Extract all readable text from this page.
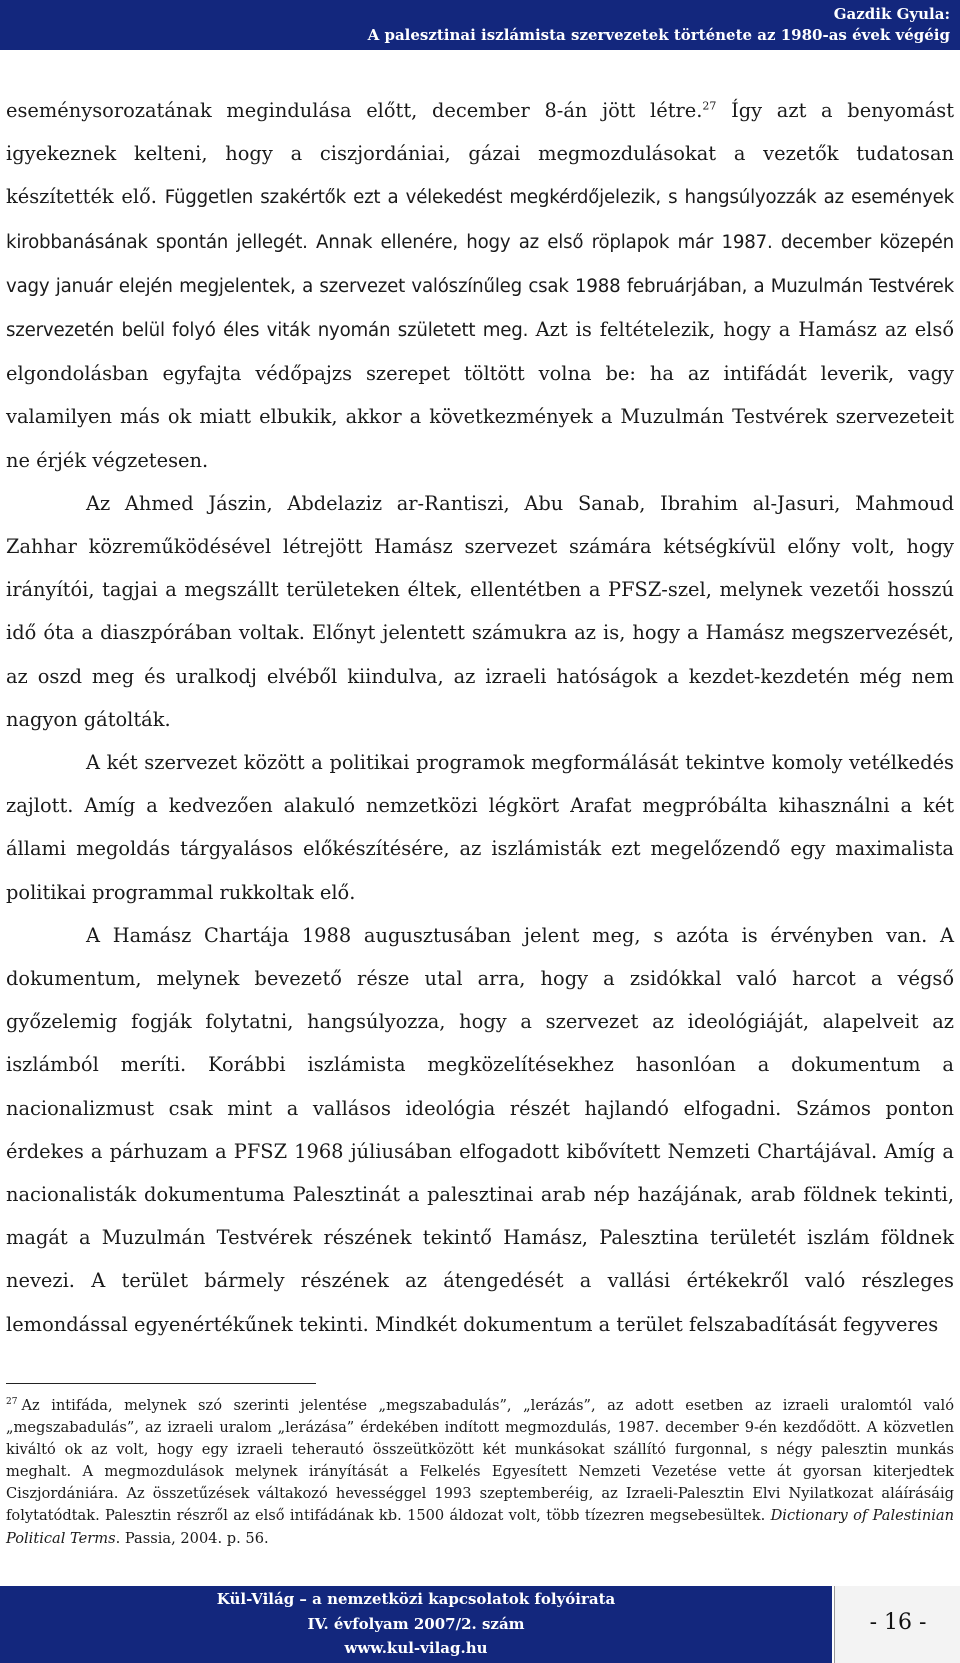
Gazdik Gyula:
A palesztinai iszlámista szervezetek története az 1980-as évek végéig

eseménysorozatának megindulása előtt, december 8-án jött létre.$^{27}$ Így azt a benyomást igyekeznek kelteni, hogy a ciszjordániai, gázai megmozdulásokat a vezetők tudatosan készítették elő. Független szakértők ezt a vélekedést megkérdőjelezik, s hangsúlyozzák az események kirobbanásának spontán jellegét. Annak ellenére, hogy az első röplapok már 1987. december közepén vagy január elején megjelentek, a szervezet valószínűleg csak 1988 februárjában, a Muzulmán Testvérek szervezetén belül folyó éles viták nyomán született meg. Azt is feltételezik, hogy a Hamász az első elgondolásban egyfajta védőpajzs szerepet töltött volna be: ha az intifádát leverik, vagy valamilyen más ok miatt elbukik, akkor a következmények a Muzulmán Testvérek szervezeteit ne érjék végzetesen.

Az Ahmed Jászin, Abdelaziz ar-Rantiszi, Abu Sanab, Ibrahim al-Jasuri, Mahmoud Zahhar közreműködésével létrejött Hamász szervezet számára kétségkívül előny volt, hogy irányítói, tagjai a megszállt területeken éltek, ellentétben a PFSZ-szel, melynek vezetői hosszú idő óta a diaszpórában voltak. Előnyt jelentett számukra az is, hogy a Hamász megszervezését, az oszd meg és uralkodj elvéből kiindulva, az izraeli hatóságok a kezdet-kezdetén még nem nagyon gátolták.

A két szervezet között a politikai programok megformálását tekintve komoly vetélkedés zajlott. Amíg a kedvezően alakuló nemzetközi légkört Arafat megpróbálta kihasználni a két állami megoldás tárgyalásos előkészítésére, az iszlámisták ezt megelőzendő egy maximalista politikai programmal rukkoltak elő.

A Hamász Chartája 1988 augusztusában jelent meg, s azóta is érvényben van. A dokumentum, melynek bevezető része utal arra, hogy a zsidókkal való harcot a végső győzelemig fogják folytatni, hangsúlyozza, hogy a szervezet az ideológiáját, alapelveit az iszlámból meríti. Korábbi iszlámista megközelítésekhez hasonlóan a dokumentum a nacionalizmust csak mint a vallásos ideológia részét hajlandó elfogadni. Számos ponton érdekes a párhuzam a PFSZ 1968 júliusában elfogadott kibővített Nemzeti Chartájával. Amíg a nacionalisták dokumentuma Palesztinát a palesztinai arab nép hazájának, arab földnek tekinti, magát a Muzulmán Testvérek részének tekintő Hamász, Palesztina területét iszlám földnek nevezi. A terület bármely részének az átengedését a vallási értékekről való részleges lemondással egyenértékűnek tekinti. Mindkét dokumentum a terület felszabadítását fegyveres

$^{27}$ Az intifáda, melynek szó szerinti jelentése „megszabadulás”, „lerázás”, az adott esetben az izraeli uralomtól való „megszabadulás”, az izraeli uralom „lerázása” érdekében indított megmozdulás, 1987. december 9-én kezdődött. A közvetlen kiváltó ok az volt, hogy egy izraeli teherautó összeütközött két munkásokat szállító furgonnal, s négy palesztin munkás meghalt. A megmozdulások melynek irányítását a Felkelés Egyesített Nemzeti Vezetése vette át gyorsan kiterjedtek Ciszjordániára. Az összetűzések váltakozó hevességgel 1993 szeptemberéig, az Izraeli-Palesztin Elvi Nyilatkozat aláírásáig folytatódtak. Palesztin részről az első intifádának kb. 1500 áldozat volt, több tízezren megsebesültek. Dictionary of Palestinian Political Terms. Passia, 2004. p. 56.
Kül-Világ – a nemzetközi kapcsolatok folyóirata
IV. évfolyam 2007/2. szám
www.kul-vilag.hu
- 16 -
